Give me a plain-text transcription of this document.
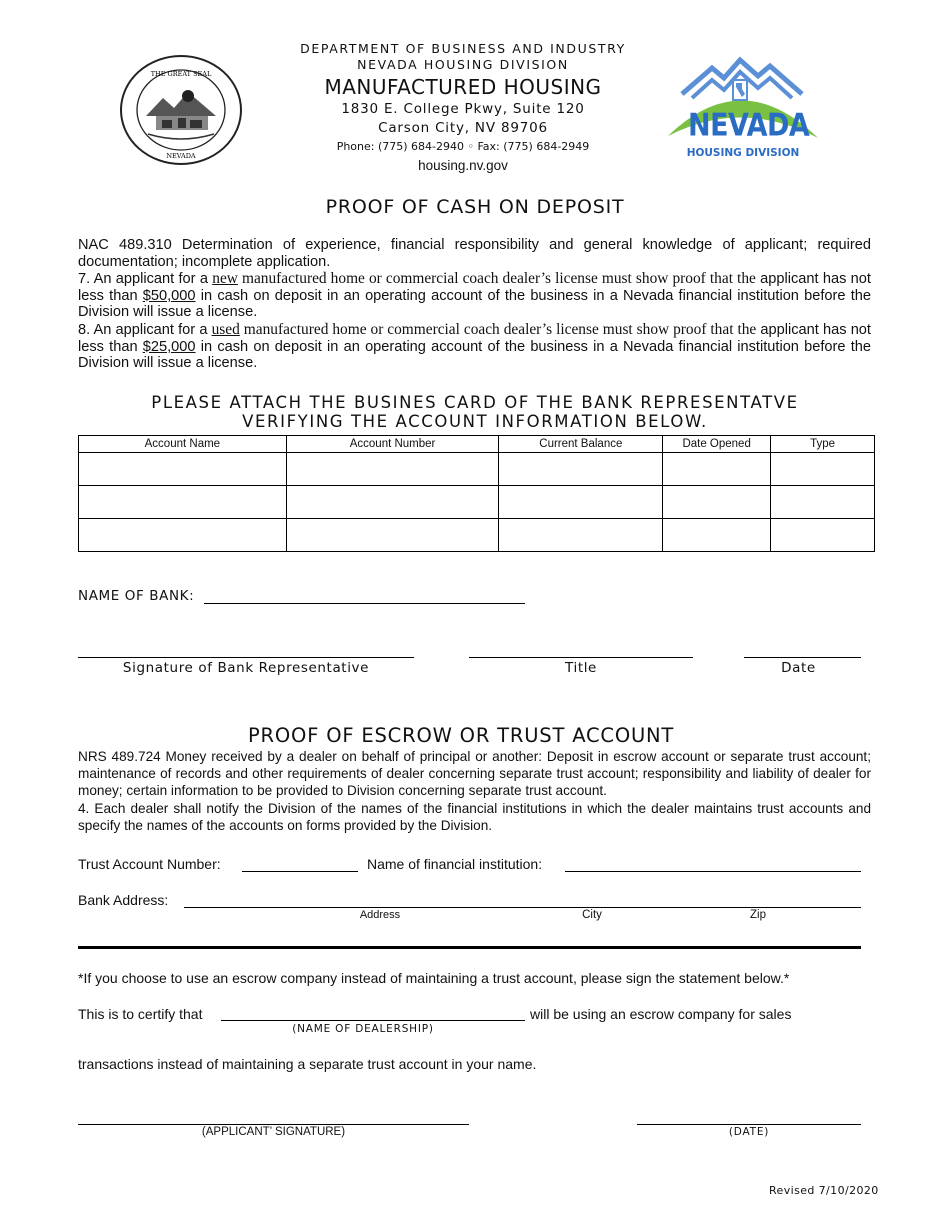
THE GREAT SEAL
NEVADA
DEPARTMENT OF BUSINESS AND INDUSTRY
NEVADA HOUSING DIVISION
MANUFACTURED HOUSING
1830 E. College Pkwy, Suite 120
Carson City, NV 89706
Phone: (775) 684-2940 ◦ Fax: (775) 684-2949
housing.nv.gov
NEVADA
HOUSING DIVISION
PROOF OF CASH ON DEPOSIT
NAC 489.310 Determination of experience, financial responsibility and general knowledge of applicant; required documentation; incomplete application.
7. An applicant for a new manufactured home or commercial coach dealer’s license must show proof that the applicant has not less than $50,000 in cash on deposit in an operating account of the business in a Nevada financial institution before the Division will issue a license.
8. An applicant for a used manufactured home or commercial coach dealer’s license must show proof that the applicant has not less than $25,000 in cash on deposit in an operating account of the business in a Nevada financial institution before the Division will issue a license.
PLEASE ATTACH THE BUSINES CARD OF THE BANK REPRESENTATVE
VERIFYING THE ACCOUNT INFORMATION BELOW.
Account Name	Account Number	Current Balance	Date Opened	Type

NAME OF BANK:
Signature of Bank Representative	Title	Date
PROOF OF ESCROW OR TRUST ACCOUNT
NRS 489.724 Money received by a dealer on behalf of principal or another: Deposit in escrow account or separate trust account; maintenance of records and other requirements of dealer concerning separate trust account; responsibility and liability of dealer for money; certain information to be provided to Division concerning separate trust account.
4. Each dealer shall notify the Division of the names of the financial institutions in which the dealer maintains trust accounts and specify the names of the accounts on forms provided by the Division.
Trust Account Number:	Name of financial institution:
Bank Address:
Address	City	Zip
*If you choose to use an escrow company instead of maintaining a trust account, please sign the statement below.*
This is to certify that	will be using an escrow company for sales
(NAME OF DEALERSHIP)
transactions instead of maintaining a separate trust account in your name.
(APPLICANT’ SIGNATURE)	(DATE)
Revised 7/10/2020
